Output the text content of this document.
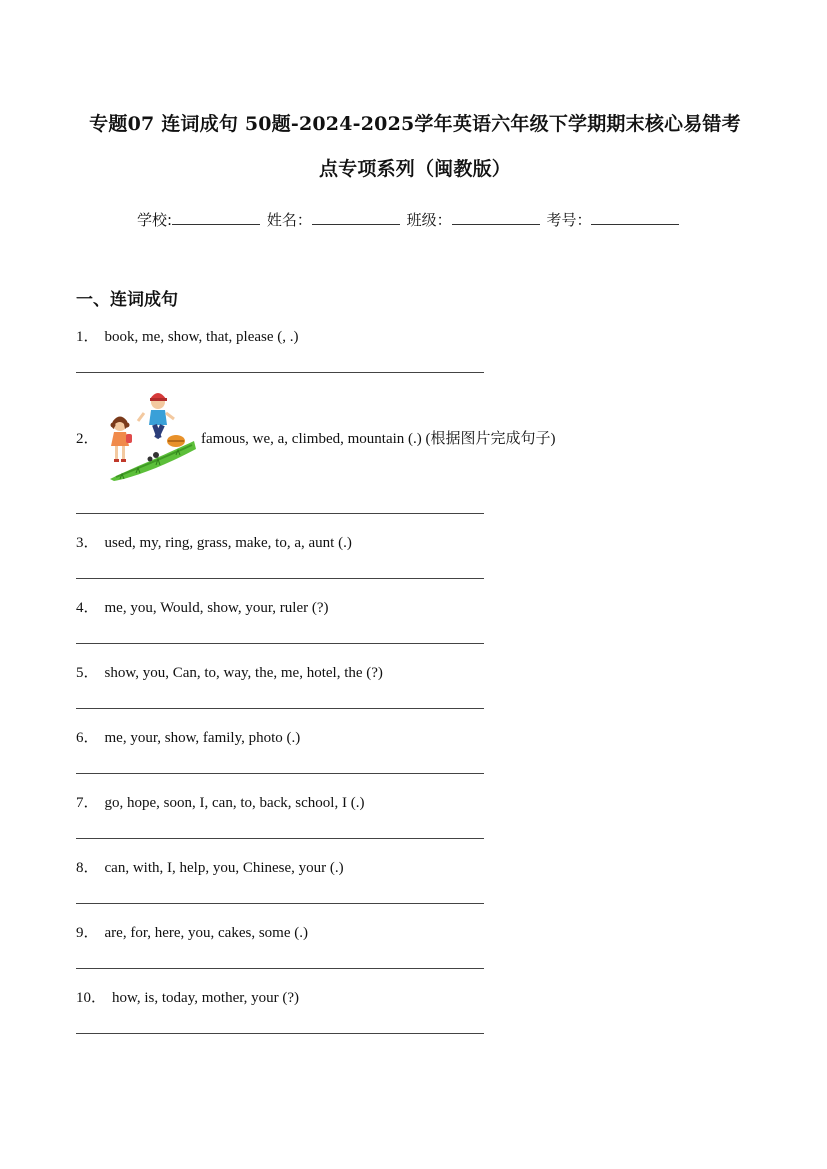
专题07 连词成句 50题-2024-2025学年英语六年级下学期期末核心易错考
点专项系列（闽教版）
学校:	姓名：	班级：	考号：
一、连词成句
1． book, me, show, that, please (, .)
2．	famous, we, a, climbed, mountain (.) (根据图片完成句子)
3． used, my, ring, grass, make, to, a, aunt (.)
4． me, you, Would, show, your, ruler (?)
5． show, you, Can, to, way, the, me, hotel, the (?)
6． me, your, show, family, photo (.)
7． go, hope, soon, I, can, to, back, school, I (.)
8． can, with, I, help, you, Chinese, your (.)
9． are, for, here, you, cakes, some (.)
10． how, is, today, mother, your (?)
